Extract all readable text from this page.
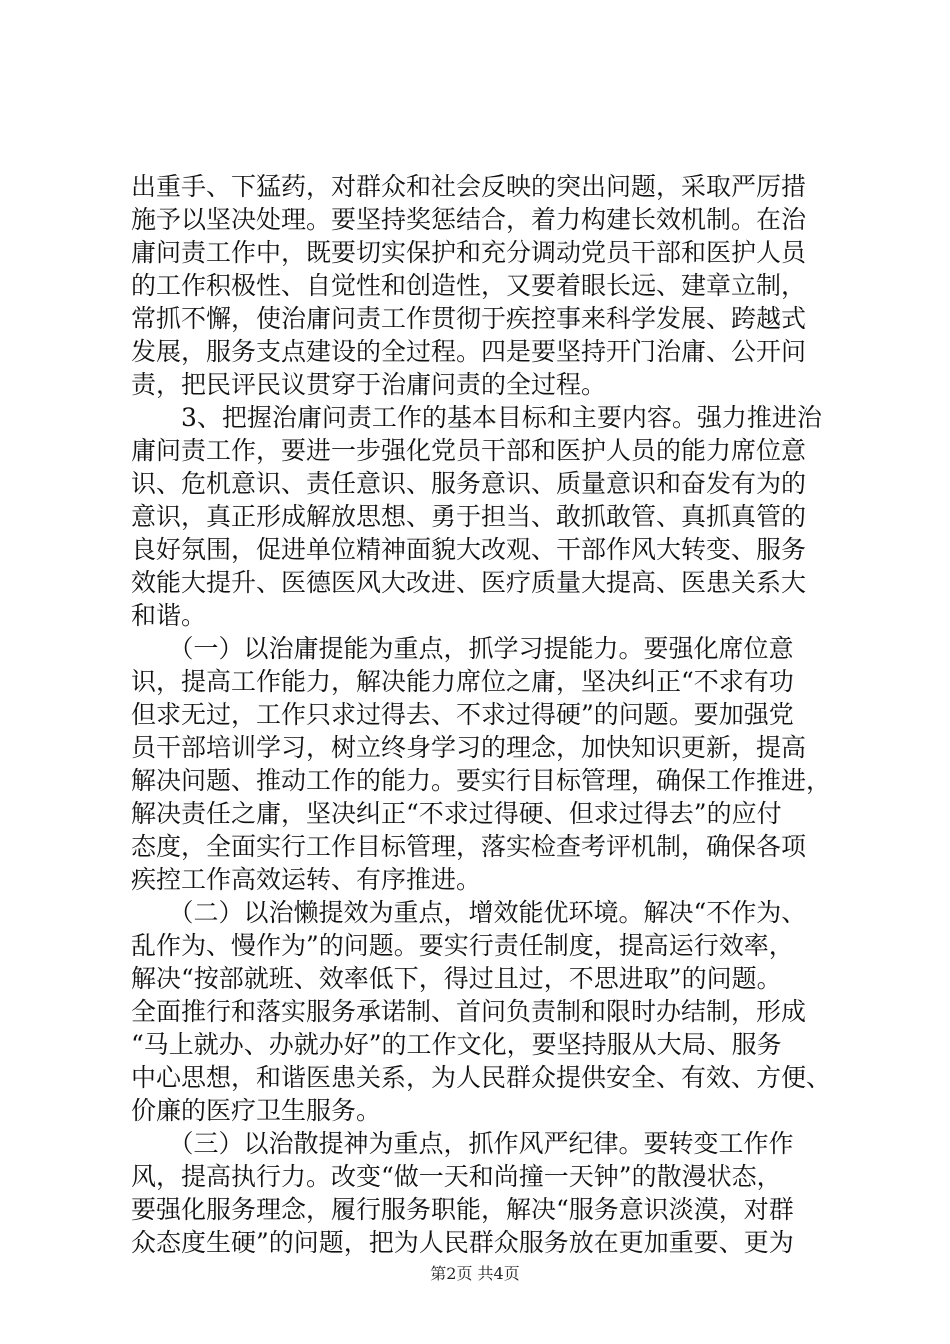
出重手、下猛药，对群众和社会反映的突出问题，采取严厉措
施予以坚决处理。要坚持奖惩结合，着力构建长效机制。在治
庸问责工作中，既要切实保护和充分调动党员干部和医护人员
的工作积极性、自觉性和创造性，又要着眼长远、建章立制，
常抓不懈，使治庸问责工作贯彻于疾控事来科学发展、跨越式
发展，服务支点建设的全过程。四是要坚持开门治庸、公开问
责，把民评民议贯穿于治庸问责的全过程。
　　3、把握治庸问责工作的基本目标和主要内容。强力推进治
庸问责工作，要进一步强化党员干部和医护人员的能力席位意
识、危机意识、责任意识、服务意识、质量意识和奋发有为的
意识，真正形成解放思想、勇于担当、敢抓敢管、真抓真管的
良好氛围，促进单位精神面貌大改观、干部作风大转变、服务
效能大提升、医德医风大改进、医疗质量大提高、医患关系大
和谐。
　　（一）以治庸提能为重点，抓学习提能力。要强化席位意
识，提高工作能力，解决能力席位之庸，坚决纠正“不求有功
但求无过，工作只求过得去、不求过得硬”的问题。要加强党
员干部培训学习，树立终身学习的理念，加快知识更新，提高
解决问题、推动工作的能力。要实行目标管理，确保工作推进，
解决责任之庸，坚决纠正“不求过得硬、但求过得去”的应付
态度，全面实行工作目标管理，落实检查考评机制，确保各项
疾控工作高效运转、有序推进。
　　（二）以治懒提效为重点，增效能优环境。解决“不作为、
乱作为、慢作为”的问题。要实行责任制度，提高运行效率，
解决“按部就班、效率低下，得过且过，不思进取”的问题。
全面推行和落实服务承诺制、首问负责制和限时办结制，形成
“马上就办、办就办好”的工作文化，要坚持服从大局、服务
中心思想，和谐医患关系，为人民群众提供安全、有效、方便、
价廉的医疗卫生服务。
　　（三）以治散提神为重点，抓作风严纪律。要转变工作作
风，提高执行力。改变“做一天和尚撞一天钟”的散漫状态，
要强化服务理念，履行服务职能，解决“服务意识淡漠，对群
众态度生硬”的问题，把为人民群众服务放在更加重要、更为
第2页 共4页
